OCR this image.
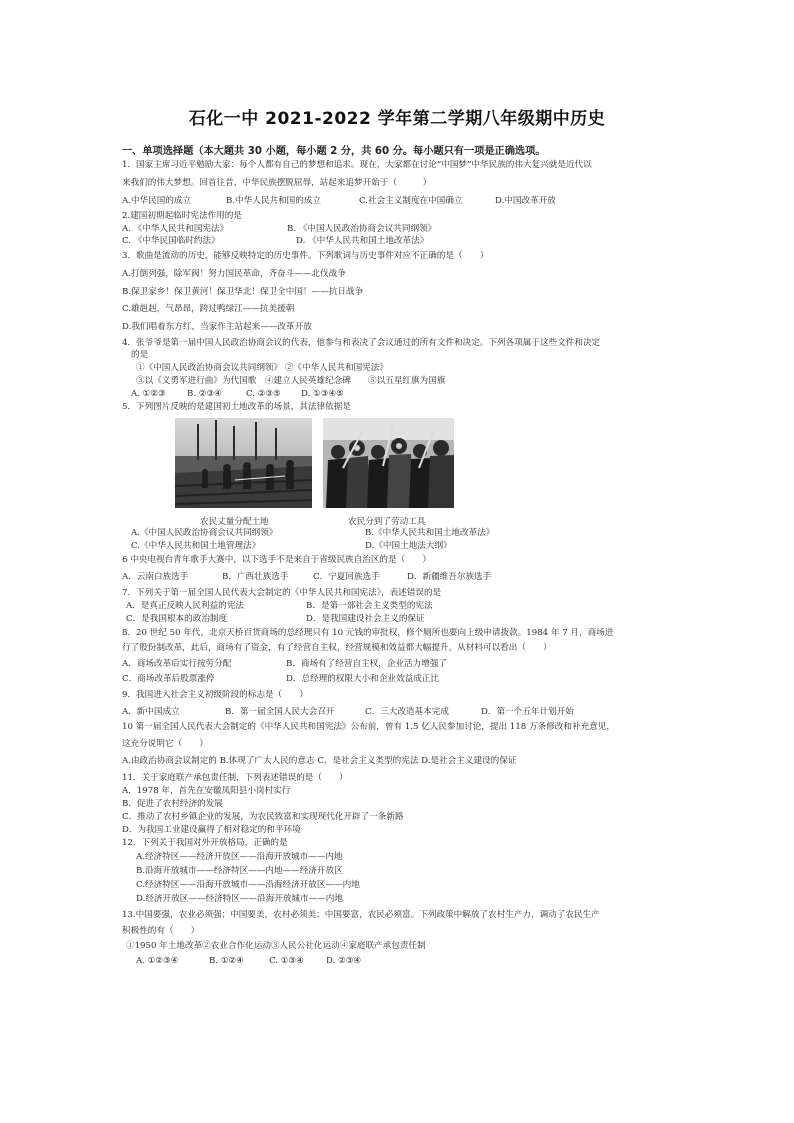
石化一中 2021-2022 学年第二学期八年级期中历史
一、单项选择题（本大题共 30 小题，每小题 2 分，共 60 分。每小题只有一项是正确选项。
1．国家主席习近平勉励大家：每个人都有自己的梦想和追求。现在，大家都在讨论“中国梦”中华民族的伟大复兴就是近代以
来我们的伟大梦想。回首往昔，中华民族摆脱屈辱，站起来追梦开始于（　　　）
A.中华民国的成立	B.中华人民共和国的成立	C.社会主义制度在中国确立	D.中国改革开放
2.建国初期起临时宪法作用的是
A. 《中华人民共和国宪法》	B. 《中国人民政治协商会议共同纲领》
C. 《中华民国临时约法》	D. 《中华人民共和国土地改革法》
3．歌曲是流动的历史，能够反映特定的历史事件。下列歌词与历史事件对应不正确的是（　　）
A.打倒列强，除军阀！努力国民革命，齐奋斗——北伐战争
B.保卫家乡！保卫黄河！保卫华北！保卫全中国！——抗日战争
C.雄赳赳，气昂昂，跨过鸭绿江——抗美援朝
D.我们唱着东方红，当家作主站起来——改革开放
4．张爷爷是第一届中国人民政治协商会议的代表，他参与和表决了会议通过的所有文件和决定。下列各项属于这些文件和决定
的是
①《中国人民政治协商会议共同纲领》 ②《中华人民共和国宪法》
③以《义勇军进行曲》为代国歌　④建立人民英雄纪念碑　　⑤以五星红旗为国旗
A. ①②③ B. ②③④	C. ②③⑤ D. ①③④⑤
5．下列图片反映的是建国初土地改革的场景，其法律依据是
农民丈量分配土地	农民分到了劳动工具
A.《中国人民政治协商会议共同纲领》	B.《中华人民共和国土地改革法》
C.《中华人民共和国土地管理法》	D.《中国土地法大纲》
6 中央电视台青年歌手大赛中，以下选手不是来自于省级民族自治区的是（　　）
A．云南白族选手	B．广西壮族选手	C．宁夏回族选手	D．新疆维吾尔族选手
7．下列关于第一届全国人民代表大会制定的《中华人民共和国宪法》，表述错误的是
A．是真正反映人民利益的宪法	B．是第一部社会主义类型的宪法
C．是我国根本的政治制度	D．是我国建设社会主义的保证
8．20 世纪 50 年代，北京天桥百货商场的总经理只有 10 元钱的审批权，修个厕所也要向上级申请拨款。1984 年 7 月，商场进
行了股份制改革，此后，商场有了资金，有了经营自主权，经营规模和效益都大幅提升。从材料可以看出（　　）
A．商场改革后实行按劳分配	B．商场有了经营自主权，企业活力增强了
C．商场改革后股票涨停	D．总经理的权限大小和企业效益成正比
9．我国进入社会主义初级阶段的标志是（　　）
A．新中国成立	B．第一届全国人民大会召开	C．三大改造基本完成	D．第一个五年计划开始
10 第一届全国人民代表大会制定的《中华人民共和国宪法》公布前，曾有 1.5 亿人民参加讨论，提出 118 万条修改和补充意见，
这充分说明它（　　）
A.由政治协商会议制定的 B.体现了广大人民的意志 C、是社会主义类型的宪法 D.是社会主义建设的保证
11．关于家庭联产承包责任制，下列表述错误的是（　　）
A．1978 年，首先在安徽凤阳县小岗村实行
B．促进了农村经济的发展
C．推动了农村乡镇企业的发展，为农民致富和实现现代化开辟了一条新路
D．为我国工业建设赢得了相对稳定的和平环境
12．下列关于我国对外开放格局，正确的是
A.经济特区——经济开放区——沿海开放城市——内地
B.沿海开放城市——经济特区——内地——经济开放区
C.经济特区——沿海开放城市——沿海经济开放区——内地
D.经济开放区——经济特区——沿海开放城市——内地
13.中国要强，农业必须强；中国要美，农村必须美；中国要富，农民必须富。下列政策中解放了农村生产力，调动了农民生产
积极性的有（　　）
①1950 年土地改革②农业合作化运动③人民公社化运动④家庭联产承包责任制
A. ①②③④	B. ①②④	C. ①③④	D. ②③④
